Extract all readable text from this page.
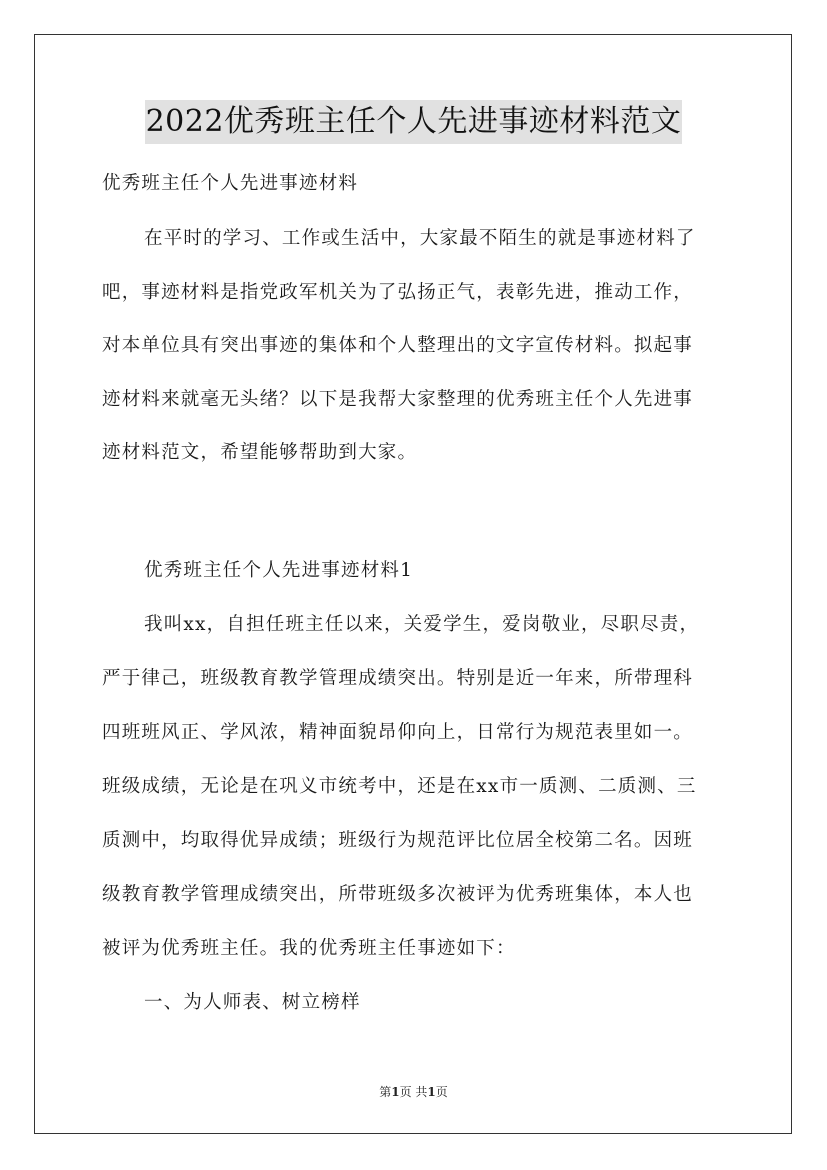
2022优秀班主任个人先进事迹材料范文

优秀班主任个人先进事迹材料

在平时的学习、工作或生活中，大家最不陌生的就是事迹材料了

吧，事迹材料是指党政军机关为了弘扬正气，表彰先进，推动工作，

对本单位具有突出事迹的集体和个人整理出的文字宣传材料。拟起事

迹材料来就毫无头绪？以下是我帮大家整理的优秀班主任个人先进事

迹材料范文，希望能够帮助到大家。

优秀班主任个人先进事迹材料1

我叫xx，自担任班主任以来，关爱学生，爱岗敬业，尽职尽责，

严于律己，班级教育教学管理成绩突出。特别是近一年来，所带理科

四班班风正、学风浓，精神面貌昂仰向上，日常行为规范表里如一。

班级成绩，无论是在巩义市统考中，还是在xx市一质测、二质测、三

质测中，均取得优异成绩；班级行为规范评比位居全校第二名。因班

级教育教学管理成绩突出，所带班级多次被评为优秀班集体，本人也

被评为优秀班主任。我的优秀班主任事迹如下：

一、为人师表、树立榜样

第1页 共1页
